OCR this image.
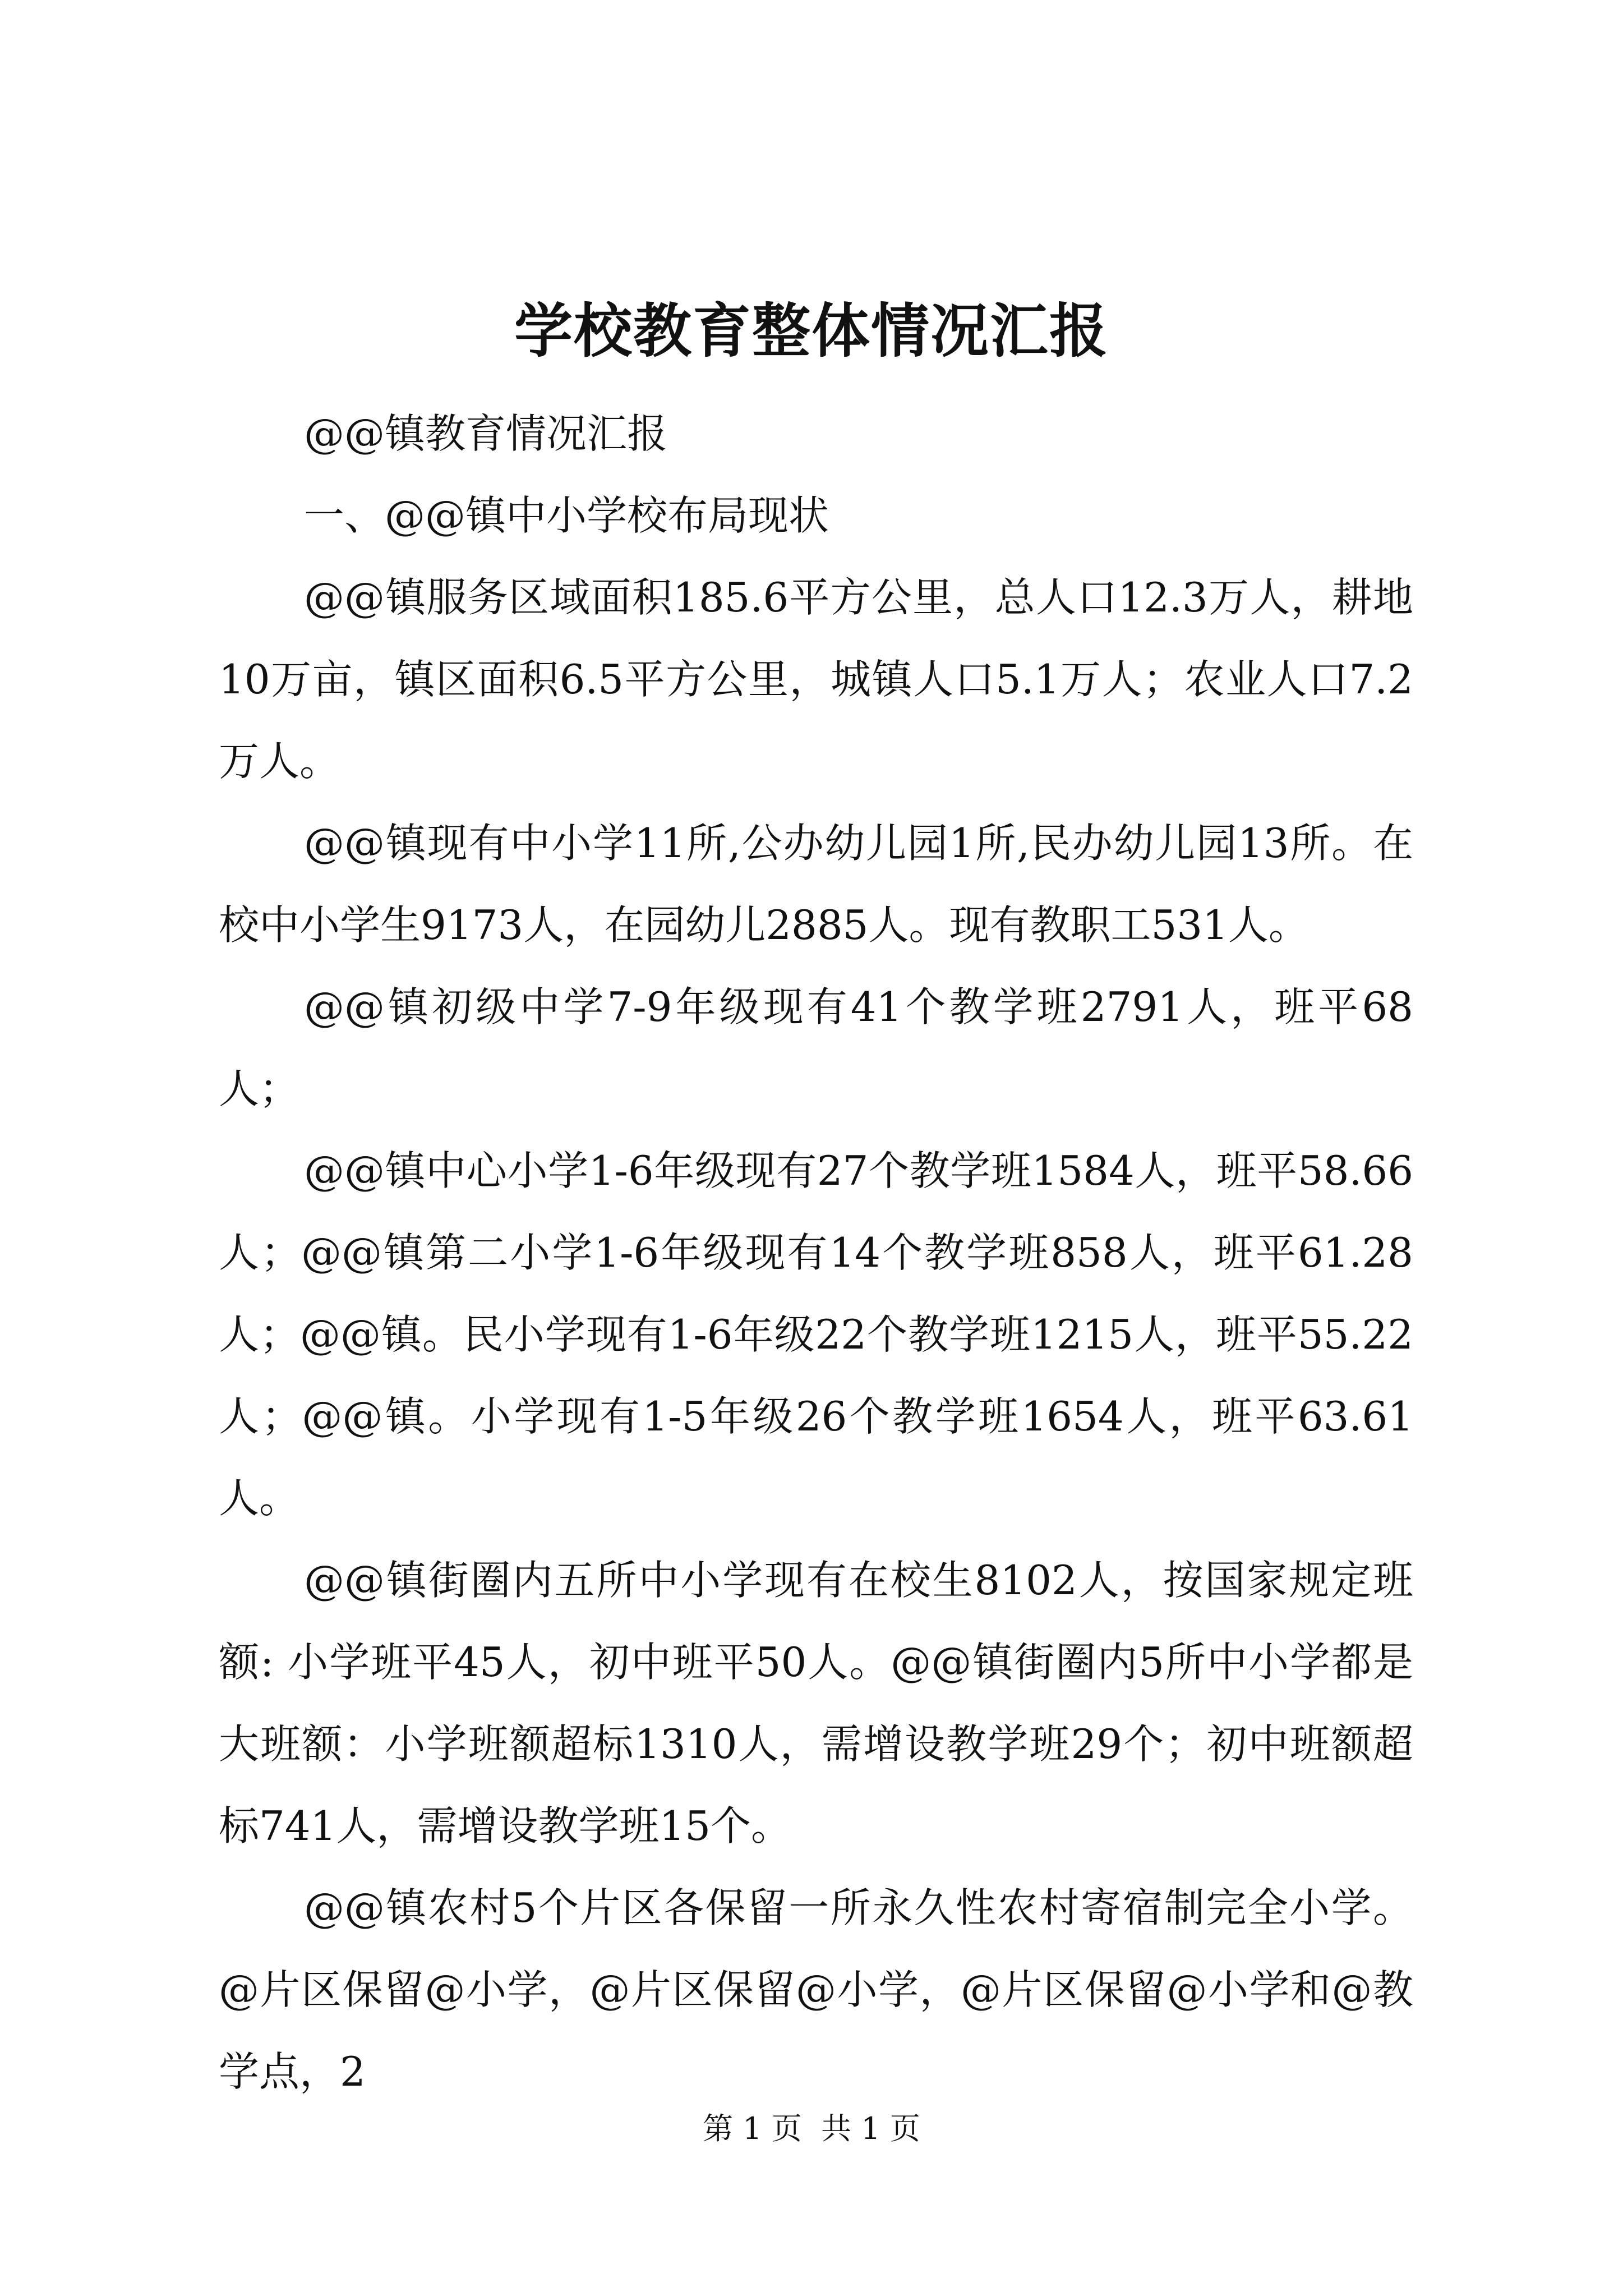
学校教育整体情况汇报

@@镇教育情况汇报

一、@@镇中小学校布局现状

@@镇服务区域面积185.6平方公里，总人口12.3万人，耕地10万亩，镇区面积6.5平方公里，城镇人口5.1万人；农业人口7.2万人。

@@镇现有中小学11所,公办幼儿园1所,民办幼儿园13所。在校中小学生9173人，在园幼儿2885人。现有教职工531人。

@@镇初级中学7-9年级现有41个教学班2791人，班平68人；

@@镇中心小学1-6年级现有27个教学班1584人，班平58.66人；@@镇第二小学1-6年级现有14个教学班858人，班平61.28人；@@镇。民小学现有1-6年级22个教学班1215人，班平55.22人；@@镇。小学现有1-5年级26个教学班1654人，班平63.61人。

@@镇街圈内五所中小学现有在校生8102人，按国家规定班额: 小学班平45人，初中班平50人。@@镇街圈内5所中小学都是大班额：小学班额超标1310人，需增设教学班29个；初中班额超标741人，需增设教学班15个。

@@镇农村5个片区各保留一所永久性农村寄宿制完全小学。@片区保留@小学，@片区保留@小学，@片区保留@小学和@教学点，2

第 1 页  共 1 页
